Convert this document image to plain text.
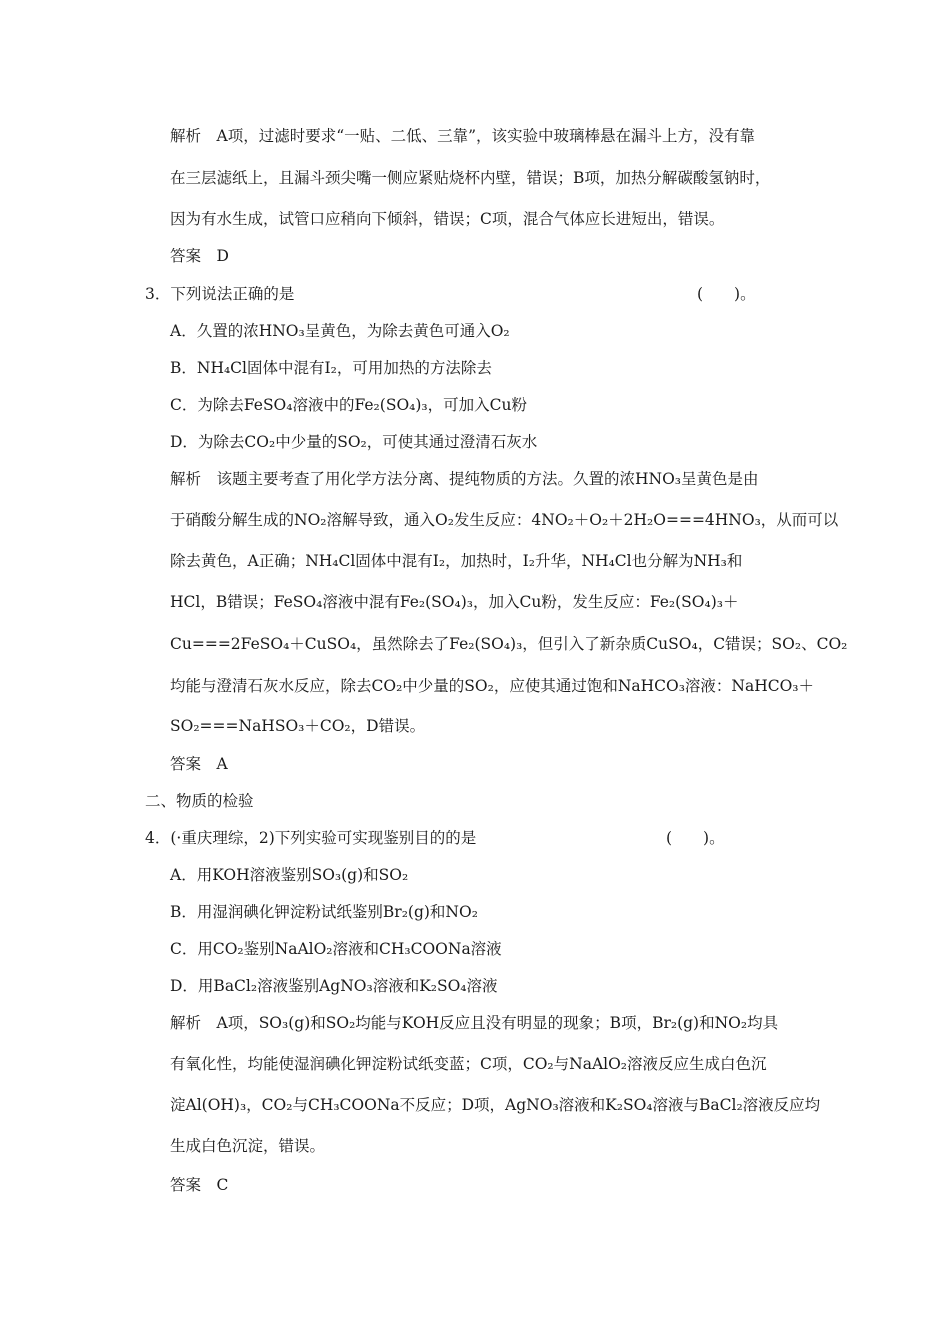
解析　A项，过滤时要求“一贴、二低、三靠”，该实验中玻璃棒悬在漏斗上方，没有靠
在三层滤纸上，且漏斗颈尖嘴一侧应紧贴烧杯内壁，错误；B项，加热分解碳酸氢钠时，
因为有水生成，试管口应稍向下倾斜，错误；C项，混合气体应长进短出，错误。
答案　D
3．下列说法正确的是	(　　)。
A．久置的浓HNO₃呈黄色，为除去黄色可通入O₂
B．NH₄Cl固体中混有I₂，可用加热的方法除去
C．为除去FeSO₄溶液中的Fe₂(SO₄)₃，可加入Cu粉
D．为除去CO₂中少量的SO₂，可使其通过澄清石灰水
解析　该题主要考查了用化学方法分离、提纯物质的方法。久置的浓HNO₃呈黄色是由
于硝酸分解生成的NO₂溶解导致，通入O₂发生反应：4NO₂＋O₂＋2H₂O===4HNO₃，从而可以
除去黄色，A正确；NH₄Cl固体中混有I₂，加热时，I₂升华，NH₄Cl也分解为NH₃和
HCl，B错误；FeSO₄溶液中混有Fe₂(SO₄)₃，加入Cu粉，发生反应：Fe₂(SO₄)₃＋
Cu===2FeSO₄＋CuSO₄，虽然除去了Fe₂(SO₄)₃，但引入了新杂质CuSO₄，C错误；SO₂、CO₂
均能与澄清石灰水反应，除去CO₂中少量的SO₂，应使其通过饱和NaHCO₃溶液：NaHCO₃＋
SO₂===NaHSO₃＋CO₂，D错误。
答案　A
二、物质的检验
4．(·重庆理综，2)下列实验可实现鉴别目的的是	(　　)。
A．用KOH溶液鉴别SO₃(g)和SO₂
B．用湿润碘化钾淀粉试纸鉴别Br₂(g)和NO₂
C．用CO₂鉴别NaAlO₂溶液和CH₃COONa溶液
D．用BaCl₂溶液鉴别AgNO₃溶液和K₂SO₄溶液
解析　A项，SO₃(g)和SO₂均能与KOH反应且没有明显的现象；B项，Br₂(g)和NO₂均具
有氧化性，均能使湿润碘化钾淀粉试纸变蓝；C项，CO₂与NaAlO₂溶液反应生成白色沉
淀Al(OH)₃，CO₂与CH₃COONa不反应；D项，AgNO₃溶液和K₂SO₄溶液与BaCl₂溶液反应均
生成白色沉淀，错误。
答案　C
